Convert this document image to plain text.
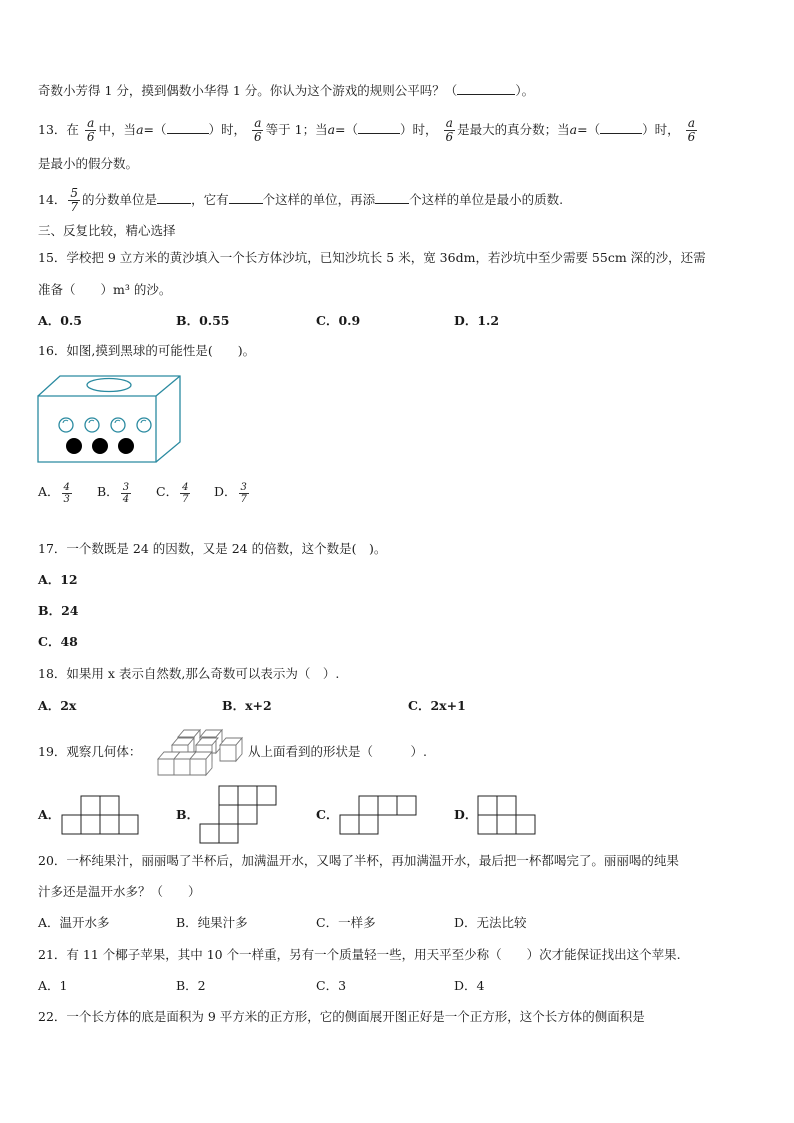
奇数小芳得 1 分，摸到偶数小华得 1 分。你认为这个游戏的规则公平吗？（	）。
13．在 $\frac{a}{6}$ 中，当a=（	）时， $\frac{a}{6}$ 等于 1；当a=（	）时， $\frac{a}{6}$ 是最大的真分数；当a=（	）时， $\frac{a}{6}$
是最小的假分数。
14． $\frac{5}{7}$ 的分数单位是	，它有	个这样的单位，再添	个这样的单位是最小的质数.
三、反复比较，精心选择
15．学校把 9 立方米的黄沙填入一个长方体沙坑，已知沙坑长 5 米，宽 36dm，若沙坑中至少需要 55cm 深的沙，还需
准备（　　）m³ 的沙。
A．0.5	B．0.55	C．0.9	D．1.2
16．如图,摸到黑球的可能性是(　　)。
A． $\frac{4}{3}$ B． $\frac{3}{4}$ C． $\frac{4}{7}$ D． $\frac{3}{7}$
17．一个数既是 24 的因数，又是 24 的倍数，这个数是(　)。
A．12
B．24
C．48
18．如果用 x 表示自然数,那么奇数可以表示为（　）.
A．2x	B．x+2	C．2x+1
19．观察几何体：	从上面看到的形状是（　　　）.
A．	B．	C．	D．
20．一杯纯果汁，丽丽喝了半杯后，加满温开水，又喝了半杯，再加满温开水，最后把一杯都喝完了。丽丽喝的纯果
汁多还是温开水多？（　　）
A．温开水多	B．纯果汁多	C．一样多	D．无法比较
21．有 11 个椰子苹果，其中 10 个一样重，另有一个质量轻一些，用天平至少称（　　）次才能保证找出这个苹果.
A．1	B．2	C．3	D．4
22．一个长方体的底是面积为 9 平方米的正方形，它的侧面展开图正好是一个正方形，这个长方体的侧面积是
